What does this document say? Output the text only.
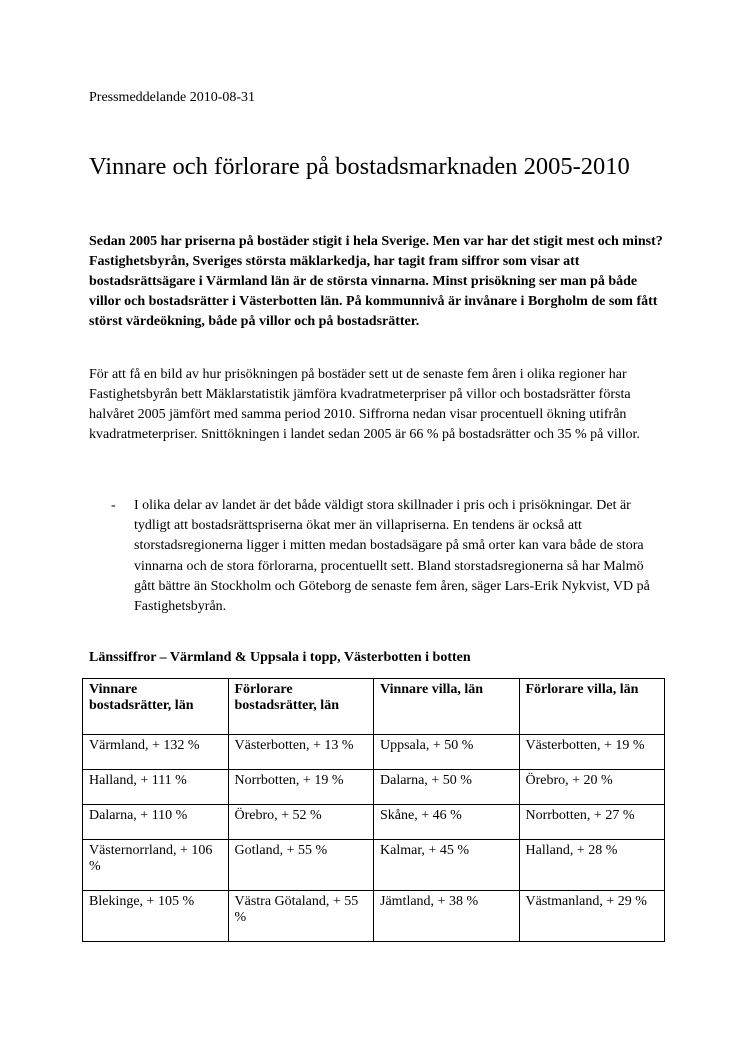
Pressmeddelande 2010-08-31
Vinnare och förlorare på bostadsmarknaden 2005-2010

Sedan 2005 har priserna på bostäder stigit i hela Sverige. Men var har det stigit mest och minst? Fastighetsbyrån, Sveriges största mäklarkedja, har tagit fram siffror som visar att bostadsrättsägare i Värmland län är de största vinnarna. Minst prisökning ser man på både villor och bostadsrätter i Västerbotten län. På kommunnivå är invånare i Borgholm de som fått störst värdeökning, både på villor och på bostadsrätter.

För att få en bild av hur prisökningen på bostäder sett ut de senaste fem åren i olika regioner har Fastighetsbyrån bett Mäklarstatistik jämföra kvadratmeterpriser på villor och bostadsrätter första halvåret 2005 jämfört med samma period 2010. Siffrorna nedan visar procentuell ökning utifrån kvadratmeterpriser. Snittökningen i landet sedan 2005 är 66 % på bostadsrätter och 35 % på villor.

- I olika delar av landet är det både väldigt stora skillnader i pris och i prisökningar. Det är tydligt att bostadsrättspriserna ökat mer än villapriserna. En tendens är också att storstadsregionerna ligger i mitten medan bostadsägare på små orter kan vara både de stora vinnarna och de stora förlorarna, procentuellt sett. Bland storstadsregionerna så har Malmö gått bättre än Stockholm och Göteborg de senaste fem åren, säger Lars-Erik Nykvist, VD på Fastighetsbyrån.

Länssiffror – Värmland & Uppsala i topp, Västerbotten i botten
Vinnare bostadsrätter, län	Förlorare bostadsrätter, län	Vinnare villa, län	Förlorare villa, län
Värmland, + 132 %	Västerbotten, + 13 %	Uppsala, + 50 %	Västerbotten, + 19 %
Halland, + 111 %	Norrbotten, + 19 %	Dalarna, + 50 %	Örebro, + 20 %
Dalarna, + 110 %	Örebro, + 52 %	Skåne, + 46 %	Norrbotten, + 27 %
Västernorrland, + 106 %	Gotland, + 55 %	Kalmar, + 45 %	Halland, + 28 %
Blekinge, + 105 %	Västra Götaland, + 55 %	Jämtland, + 38 %	Västmanland, + 29 %
